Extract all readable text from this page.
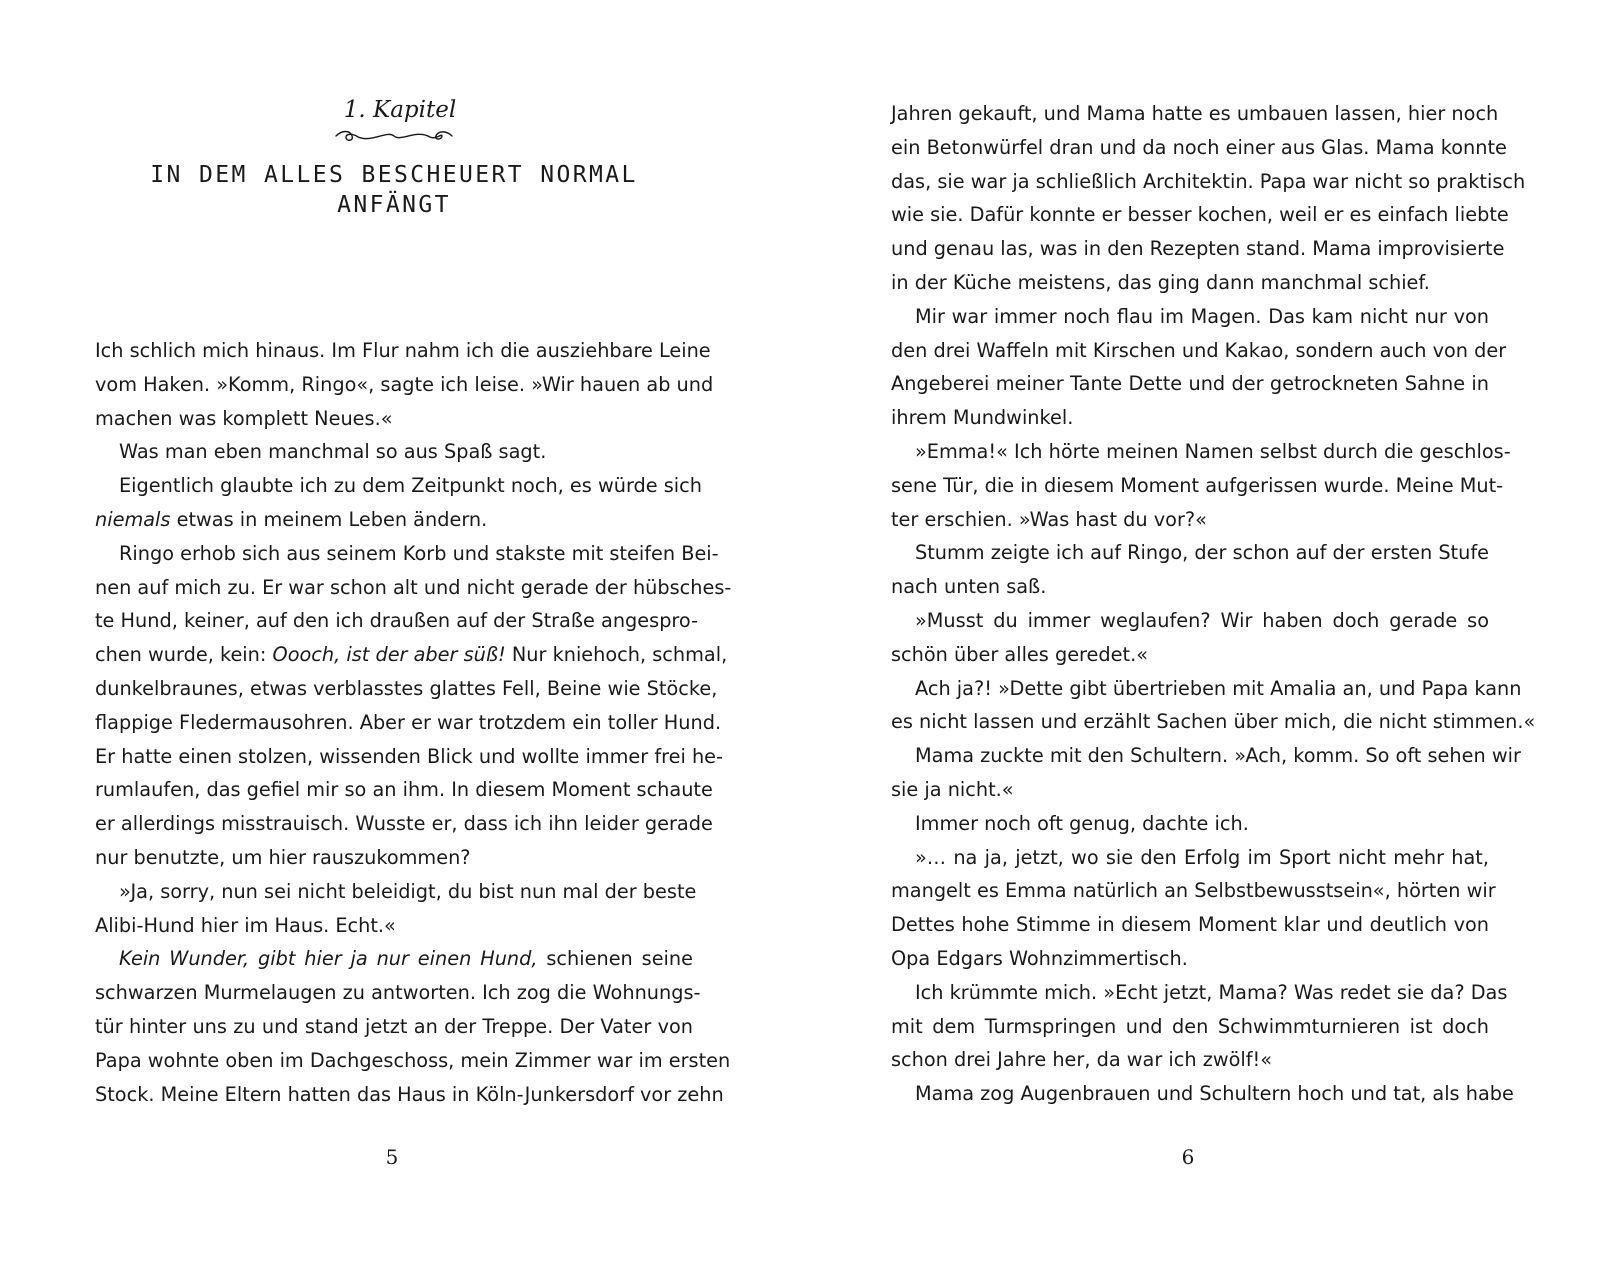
1. Kapitel
IN DEM ALLES BESCHEUERT NORMAL ANFÄNGT
Ich schlich mich hinaus. Im Flur nahm ich die ausziehbare Leine
vom Haken. »Komm, Ringo«, sagte ich leise. »Wir hauen ab und
machen was komplett Neues.«
Was man eben manchmal so aus Spaß sagt.
Eigentlich glaubte ich zu dem Zeitpunkt noch, es würde sich
niemals etwas in meinem Leben ändern.
Ringo erhob sich aus seinem Korb und stakste mit steifen Bei-
nen auf mich zu. Er war schon alt und nicht gerade der hübsches-
te Hund, keiner, auf den ich draußen auf der Straße angespro-
chen wurde, kein: Oooch, ist der aber süß! Nur kniehoch, schmal,
dunkelbraunes, etwas verblasstes glattes Fell, Beine wie Stöcke,
flappige Fledermausohren. Aber er war trotzdem ein toller Hund.
Er hatte einen stolzen, wissenden Blick und wollte immer frei he-
rumlaufen, das gefiel mir so an ihm. In diesem Moment schaute
er allerdings misstrauisch. Wusste er, dass ich ihn leider gerade
nur benutzte, um hier rauszukommen?
»Ja, sorry, nun sei nicht beleidigt, du bist nun mal der beste
Alibi-Hund hier im Haus. Echt.«
Kein Wunder, gibt hier ja nur einen Hund, schienen seine
schwarzen Murmelaugen zu antworten. Ich zog die Wohnungs-
tür hinter uns zu und stand jetzt an der Treppe. Der Vater von
Papa wohnte oben im Dachgeschoss, mein Zimmer war im ersten
Stock. Meine Eltern hatten das Haus in Köln-Junkersdorf vor zehn
5
Jahren gekauft, und Mama hatte es umbauen lassen, hier noch
ein Betonwürfel dran und da noch einer aus Glas. Mama konnte
das, sie war ja schließlich Architektin. Papa war nicht so praktisch
wie sie. Dafür konnte er besser kochen, weil er es einfach liebte
und genau las, was in den Rezepten stand. Mama improvisierte
in der Küche meistens, das ging dann manchmal schief.
Mir war immer noch flau im Magen. Das kam nicht nur von
den drei Waffeln mit Kirschen und Kakao, sondern auch von der
Angeberei meiner Tante Dette und der getrockneten Sahne in
ihrem Mundwinkel.
»Emma!« Ich hörte meinen Namen selbst durch die geschlos-
sene Tür, die in diesem Moment aufgerissen wurde. Meine Mut-
ter erschien. »Was hast du vor?«
Stumm zeigte ich auf Ringo, der schon auf der ersten Stufe
nach unten saß.
»Musst du immer weglaufen? Wir haben doch gerade so
schön über alles geredet.«
Ach ja?! »Dette gibt übertrieben mit Amalia an, und Papa kann
es nicht lassen und erzählt Sachen über mich, die nicht stimmen.«
Mama zuckte mit den Schultern. »Ach, komm. So oft sehen wir
sie ja nicht.«
Immer noch oft genug, dachte ich.
»… na ja, jetzt, wo sie den Erfolg im Sport nicht mehr hat,
mangelt es Emma natürlich an Selbstbewusstsein«, hörten wir
Dettes hohe Stimme in diesem Moment klar und deutlich von
Opa Edgars Wohnzimmertisch.
Ich krümmte mich. »Echt jetzt, Mama? Was redet sie da? Das
mit dem Turmspringen und den Schwimmturnieren ist doch
schon drei Jahre her, da war ich zwölf!«
Mama zog Augenbrauen und Schultern hoch und tat, als habe
6
